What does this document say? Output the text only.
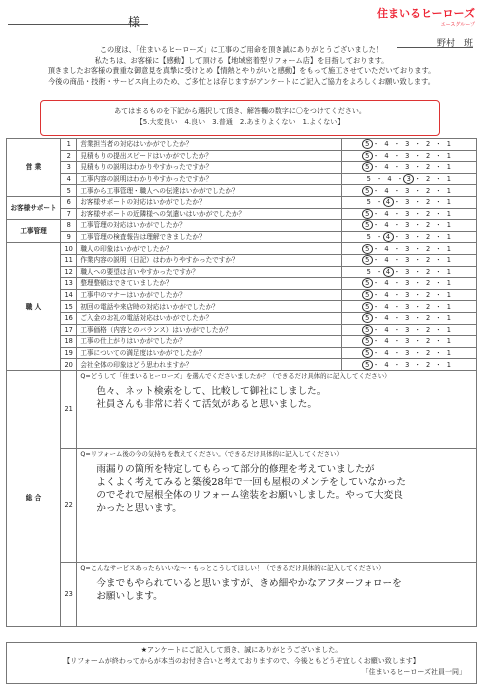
様
住まいるヒーローズ
エースグループ
野村　班
この度は、「住まいるヒーローズ」に工事のご用命を頂き誠にありがとうございました！
私たちは、お客様に【感動】して頂ける【地域密着型リフォーム店】を目指しております。
頂きましたお客様の貴重な御意見を真摯に受けとめ【情熱とやりがいと感動】をもって施工させていただいております。
今後の商品・技術・サービス向上のため、ご多忙とは存じますがアンケートにご記入ご協力をよろしくお願い致します。
あてはまるものを下記から選択して頂き、解答欄の数字に〇をつけてください。
【5.大変良い　4.良い　3.普通　2.あまりよくない　1.よくない】
営 業	1	営業担当者の対応はいかがでしたか？	5 ・ 4 ・ 3 ・ 2 ・ 1
	2	見積もりの提出スピードはいかがでしたか？	5 ・ 4 ・ 3 ・ 2 ・ 1
	3	見積もりの説明はわかりやすかったですか？	5 ・ 4 ・ 3 ・ 2 ・ 1
	4	工事内容の説明はわかりやすかったですか？	5 ・ 4 ・ 3 ・ 2 ・ 1
	5	工事から工事管理・職人への伝達はいかがでしたか？	5 ・ 4 ・ 3 ・ 2 ・ 1
お客様サポート	6	お客様サポートの対応はいかがでしたか？	5 ・ 4 ・ 3 ・ 2 ・ 1
	7	お客様サポートの近隣様への気遣いはいかがでしたか？	5 ・ 4 ・ 3 ・ 2 ・ 1
工事管理	8	工事管理の対応はいかがでしたか？	5 ・ 4 ・ 3 ・ 2 ・ 1
	9	工事管理の検査報告は理解できましたか？	5 ・ 4 ・ 3 ・ 2 ・ 1
職 人	10	職人の印象はいかがでしたか？	5 ・ 4 ・ 3 ・ 2 ・ 1
	11	作業内容の説明（日記）はわかりやすかったですか？	5 ・ 4 ・ 3 ・ 2 ・ 1
	12	職人への要望は言いやすかったですか？	5 ・ 4 ・ 3 ・ 2 ・ 1
	13	整理整頓はできていましたか？	5 ・ 4 ・ 3 ・ 2 ・ 1
	14	工事中のマナーはいかがでしたか？	5 ・ 4 ・ 3 ・ 2 ・ 1
	15	初回の電話や来店時の対応はいかがでしたか？	5 ・ 4 ・ 3 ・ 2 ・ 1
	16	ご入金のお礼の電話対応はいかがでしたか？	5 ・ 4 ・ 3 ・ 2 ・ 1
	17	工事価格（内容とのバランス）はいかがでしたか？	5 ・ 4 ・ 3 ・ 2 ・ 1
	18	工事の仕上がりはいかがでしたか？	5 ・ 4 ・ 3 ・ 2 ・ 1
	19	工事についての満足度はいかがでしたか？	5 ・ 4 ・ 3 ・ 2 ・ 1
	20	会社全体の印象はどう思われますか？	5 ・ 4 ・ 3 ・ 2 ・ 1
総 合	21	Q=どうして「住まいるヒーローズ」を選んでくださいましたか？（できるだけ具体的に記入してください）
色々、ネット検索をして、比較して御社にしました。
社員さんも非常に若くて活気があると思いました。	

	22	Q=リフォーム後の今の気持ちを教えてください。（できるだけ具体的に記入してください）
雨漏りの箇所を特定してもらって部分的修理を考えていましたが
よくよく考えてみると築後28年で一回も屋根のメンテをしていなかった
のでそれで屋根全体のリフォーム塗装をお願いしました。やって大変良
かったと思います。	

	23	Q=こんなサービスあったらいいな～・もっとこうしてほしい！（できるだけ具体的に記入してください）
今までもやられていると思いますが、きめ細やかなアフターフォローを
お願いします。	
★アンケートにご記入して頂き、誠にありがとうございました。
【リフォームが終わってからが本当のお付き合いと考えておりますので、今後ともどうぞ宜しくお願い致します】
「住まいるヒーローズ社員一同」
